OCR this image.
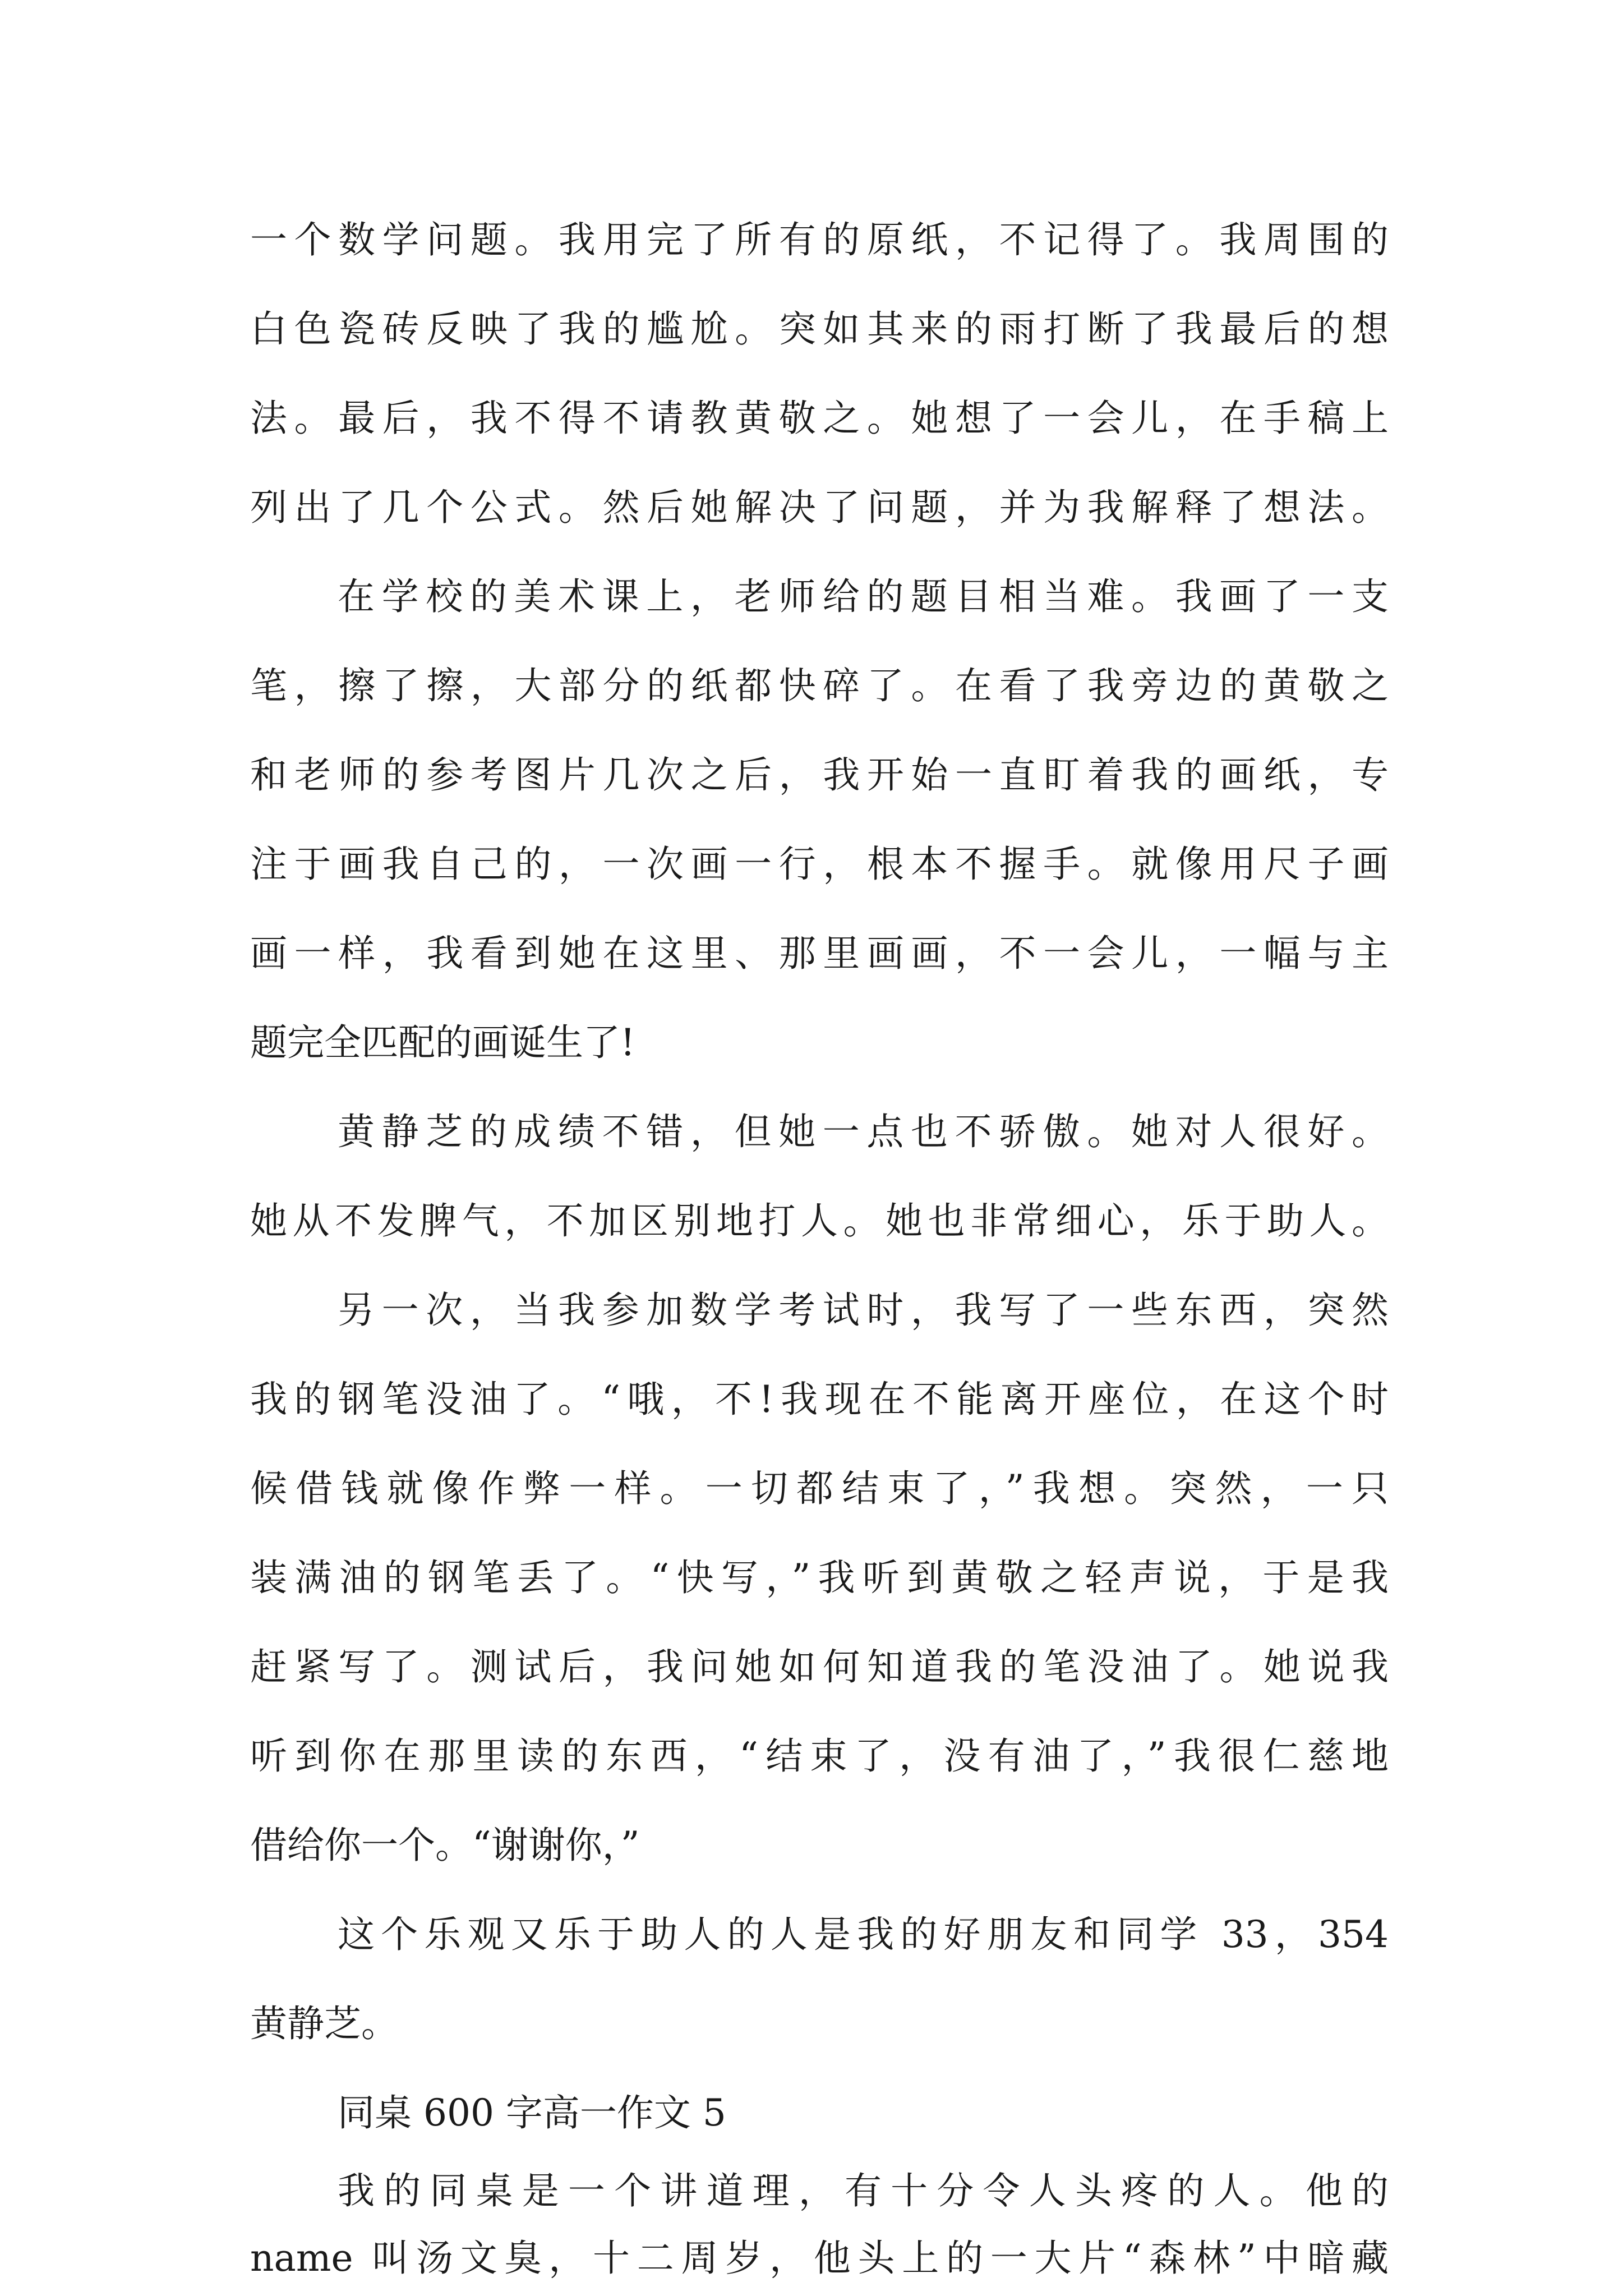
一个数学问题。我用完了所有的原纸，不记得了。我周围的

白色瓷砖反映了我的尴尬。突如其来的雨打断了我最后的想

法。最后，我不得不请教黄敬之。她想了一会儿，在手稿上

列出了几个公式。然后她解决了问题，并为我解释了想法。

在学校的美术课上，老师给的题目相当难。我画了一支

笔，擦了擦，大部分的纸都快碎了。在看了我旁边的黄敬之

和老师的参考图片几次之后，我开始一直盯着我的画纸，专

注于画我自己的，一次画一行，根本不握手。就像用尺子画

画一样，我看到她在这里、那里画画，不一会儿，一幅与主

题完全匹配的画诞生了!

黄静芝的成绩不错，但她一点也不骄傲。她对人很好。

她从不发脾气，不加区别地打人。她也非常细心，乐于助人。

另一次，当我参加数学考试时，我写了一些东西，突然

我的钢笔没油了。“哦，不!我现在不能离开座位，在这个时

候借钱就像作弊一样。一切都结束了，”我想。突然，一只

装满油的钢笔丢了。“快写，”我听到黄敬之轻声说，于是我

赶紧写了。测试后，我问她如何知道我的笔没油了。她说我

听到你在那里读的东西，“结束了，没有油了，”我很仁慈地

借给你一个。“谢谢你，”

这个乐观又乐于助人的人是我的好朋友和同学 33，354

黄静芝。

同桌 600 字高一作文 5

我的同桌是一个讲道理，有十分令人头疼的人。他的

name 叫汤文臭，十二周岁，他头上的一大片“森林”中暗藏
